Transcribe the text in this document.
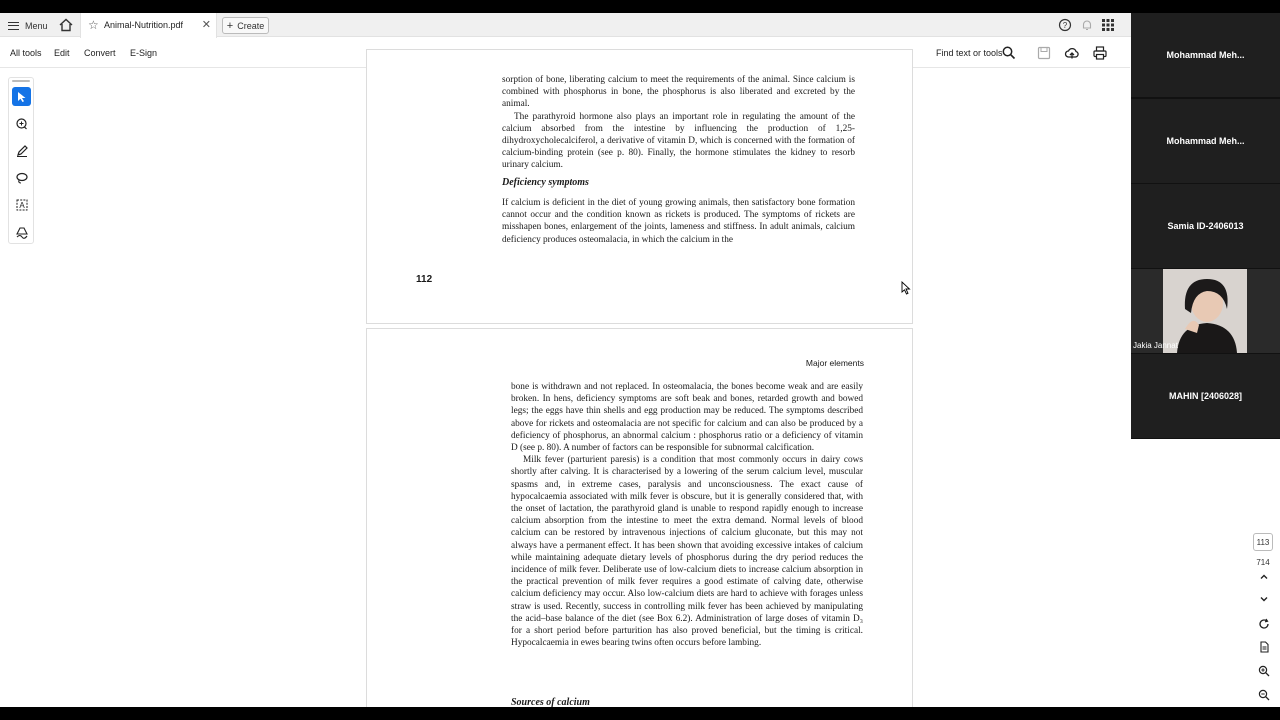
Menu	☆ Animal-Nutrition.pdf ✕ + Create	?
All tools Edit Convert E-Sign	Find text or tools
A

sorption of bone, liberating calcium to meet the requirements of the animal. Since calcium is combined with phosphorus in bone, the phosphorus is also liberated and excreted by the animal.

The parathyroid hormone also plays an important role in regulating the amount of the calcium absorbed from the intestine by influencing the production of 1,25-dihydroxycholecalciferol, a derivative of vitamin D, which is concerned with the formation of calcium-binding protein (see p. 80). Finally, the hormone stimulates the kidney to resorb urinary calcium.

Deficiency symptoms

If calcium is deficient in the diet of young growing animals, then satisfactory bone formation cannot occur and the condition known as rickets is produced. The symptoms of rickets are misshapen bones, enlargement of the joints, lameness and stiffness. In adult animals, calcium deficiency produces osteomalacia, in which the calcium in the

112
Major elements

bone is withdrawn and not replaced. In osteomalacia, the bones become weak and are easily broken. In hens, deficiency symptoms are soft beak and bones, retarded growth and bowed legs; the eggs have thin shells and egg production may be reduced. The symptoms described above for rickets and osteomalacia are not specific for calcium and can also be produced by a deficiency of phosphorus, an abnormal calcium : phosphorus ratio or a deficiency of vitamin D (see p. 80). A number of factors can be responsible for subnormal calcification.

Milk fever (parturient paresis) is a condition that most commonly occurs in dairy cows shortly after calving. It is characterised by a lowering of the serum calcium level, muscular spasms and, in extreme cases, paralysis and unconsciousness. The exact cause of hypocalcaemia associated with milk fever is obscure, but it is generally considered that, with the onset of lactation, the parathyroid gland is unable to respond rapidly enough to increase calcium absorption from the intestine to meet the extra demand. Normal levels of blood calcium can be restored by intravenous injections of calcium gluconate, but this may not always have a permanent effect. It has been shown that avoiding excessive intakes of calcium while maintaining adequate dietary levels of phosphorus during the dry period reduces the incidence of milk fever. Deliberate use of low-calcium diets to increase calcium absorption in the practical prevention of milk fever requires a good estimate of calving date, otherwise calcium deficiency may occur. Also low-calcium diets are hard to achieve with forages unless straw is used. Recently, success in controlling milk fever has been achieved by manipulating the acid–base balance of the diet (see Box 6.2). Administration of large doses of vitamin D₃ for a short period before parturition has also proved beneficial, but the timing is critical. Hypocalcaemia in ewes bearing twins often occurs before lambing.

Sources of calcium
113
714
Mohammad Meh...
Mohammad Meh...
Samia ID-2406013
Jakia Jannat
MAHIN [2406028]
